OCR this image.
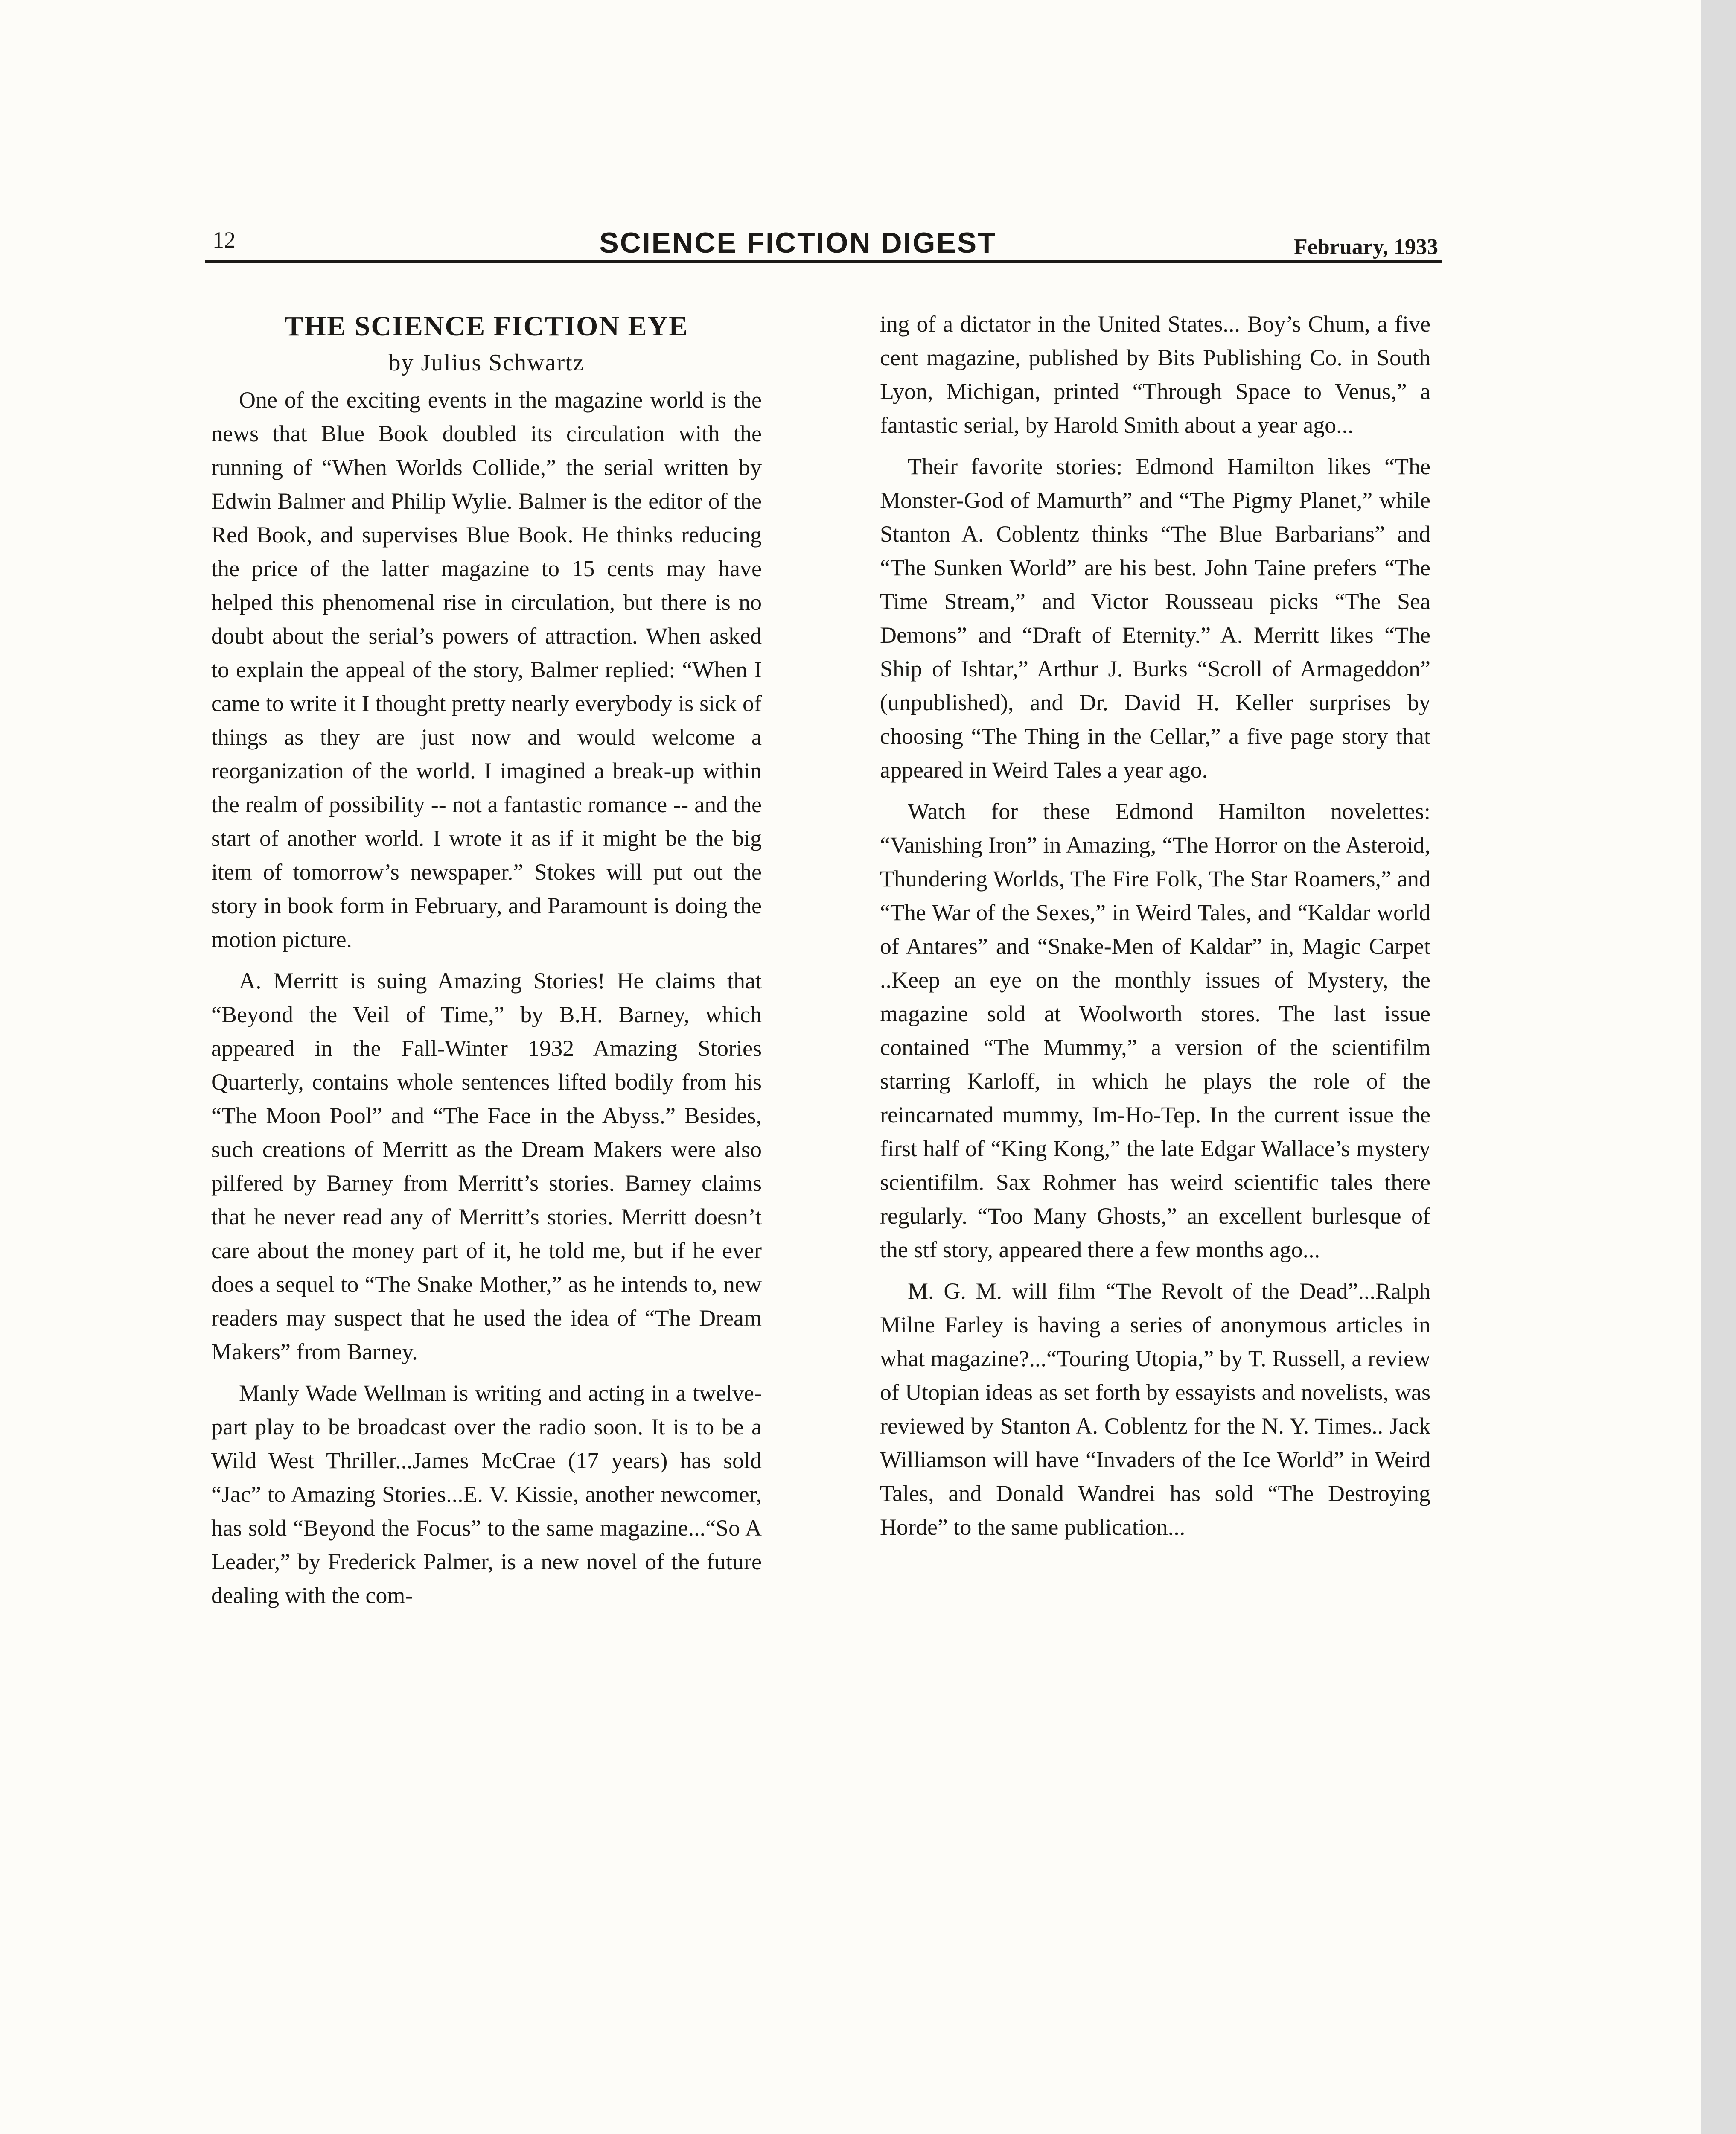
12	SCIENCE FICTION DIGEST	February, 1933
THE SCIENCE FICTION EYE

by Julius Schwartz

One of the exciting events in the magazine world is the news that Blue Book doubled its circulation with the running of “When Worlds Collide,” the serial written by Edwin Balmer and Philip Wylie. Balmer is the editor of the Red Book, and supervises Blue Book. He thinks reducing the price of the latter magazine to 15 cents may have helped this phenomenal rise in circulation, but there is no doubt about the serial’s powers of attraction. When asked to explain the appeal of the story, Balmer replied: “When I came to write it I thought pretty nearly everybody is sick of things as they are just now and would welcome a reorganization of the world. I imagined a break-up within the realm of possibility -- not a fantastic romance -- and the start of another world. I wrote it as if it might be the big item of tomorrow’s newspaper.” Stokes will put out the story in book form in February, and Paramount is doing the motion picture.

A. Merritt is suing Amazing Stories! He claims that “Beyond the Veil of Time,” by B.H. Barney, which appeared in the Fall-Winter 1932 Amazing Stories Quarterly, contains whole sentences lifted bodily from his “The Moon Pool” and “The Face in the Abyss.” Besides, such creations of Merritt as the Dream Makers were also pilfered by Barney from Merritt’s stories. Barney claims that he never read any of Merritt’s stories. Merritt doesn’t care about the money part of it, he told me, but if he ever does a sequel to “The Snake Mother,” as he intends to, new readers may suspect that he used the idea of “The Dream Makers” from Barney.

Manly Wade Wellman is writing and acting in a twelve-part play to be broadcast over the radio soon. It is to be a Wild West Thriller...James McCrae (17 years) has sold “Jac” to Amazing Stories...E. V. Kissie, another newcomer, has sold “Beyond the Focus” to the same magazine...“So A Leader,” by Frederick Palmer, is a new novel of the future dealing with the com-

ing of a dictator in the United States... Boy’s Chum, a five cent magazine, published by Bits Publishing Co. in South Lyon, Michigan, printed “Through Space to Venus,” a fantastic serial, by Harold Smith about a year ago...

Their favorite stories: Edmond Hamilton likes “The Monster-God of Mamurth” and “The Pigmy Planet,” while Stanton A. Coblentz thinks “The Blue Barbarians” and “The Sunken World” are his best. John Taine prefers “The Time Stream,” and Victor Rousseau picks “The Sea Demons” and “Draft of Eternity.” A. Merritt likes “The Ship of Ishtar,” Arthur J. Burks “Scroll of Armageddon” (unpublished), and Dr. David H. Keller surprises by choosing “The Thing in the Cellar,” a five page story that appeared in Weird Tales a year ago.

Watch for these Edmond Hamilton novelettes: “Vanishing Iron” in Amazing, “The Horror on the Asteroid, Thundering Worlds, The Fire Folk, The Star Roamers,” and “The War of the Sexes,” in Weird Tales, and “Kaldar world of Antares” and “Snake-Men of Kaldar” in, Magic Carpet ..Keep an eye on the monthly issues of Mystery, the magazine sold at Woolworth stores. The last issue contained “The Mummy,” a version of the scientifilm starring Karloff, in which he plays the role of the reincarnated mummy, Im-Ho-Tep. In the current issue the first half of “King Kong,” the late Edgar Wallace’s mystery scientifilm. Sax Rohmer has weird scientific tales there regularly. “Too Many Ghosts,” an excellent burlesque of the stf story, appeared there a few months ago...

M. G. M. will film “The Revolt of the Dead”...Ralph Milne Farley is having a series of anonymous articles in what magazine?...“Touring Utopia,” by T. Russell, a review of Utopian ideas as set forth by essayists and novelists, was reviewed by Stanton A. Coblentz for the N. Y. Times.. Jack Williamson will have “Invaders of the Ice World” in Weird Tales, and Donald Wandrei has sold “The Destroying Horde” to the same publication...
